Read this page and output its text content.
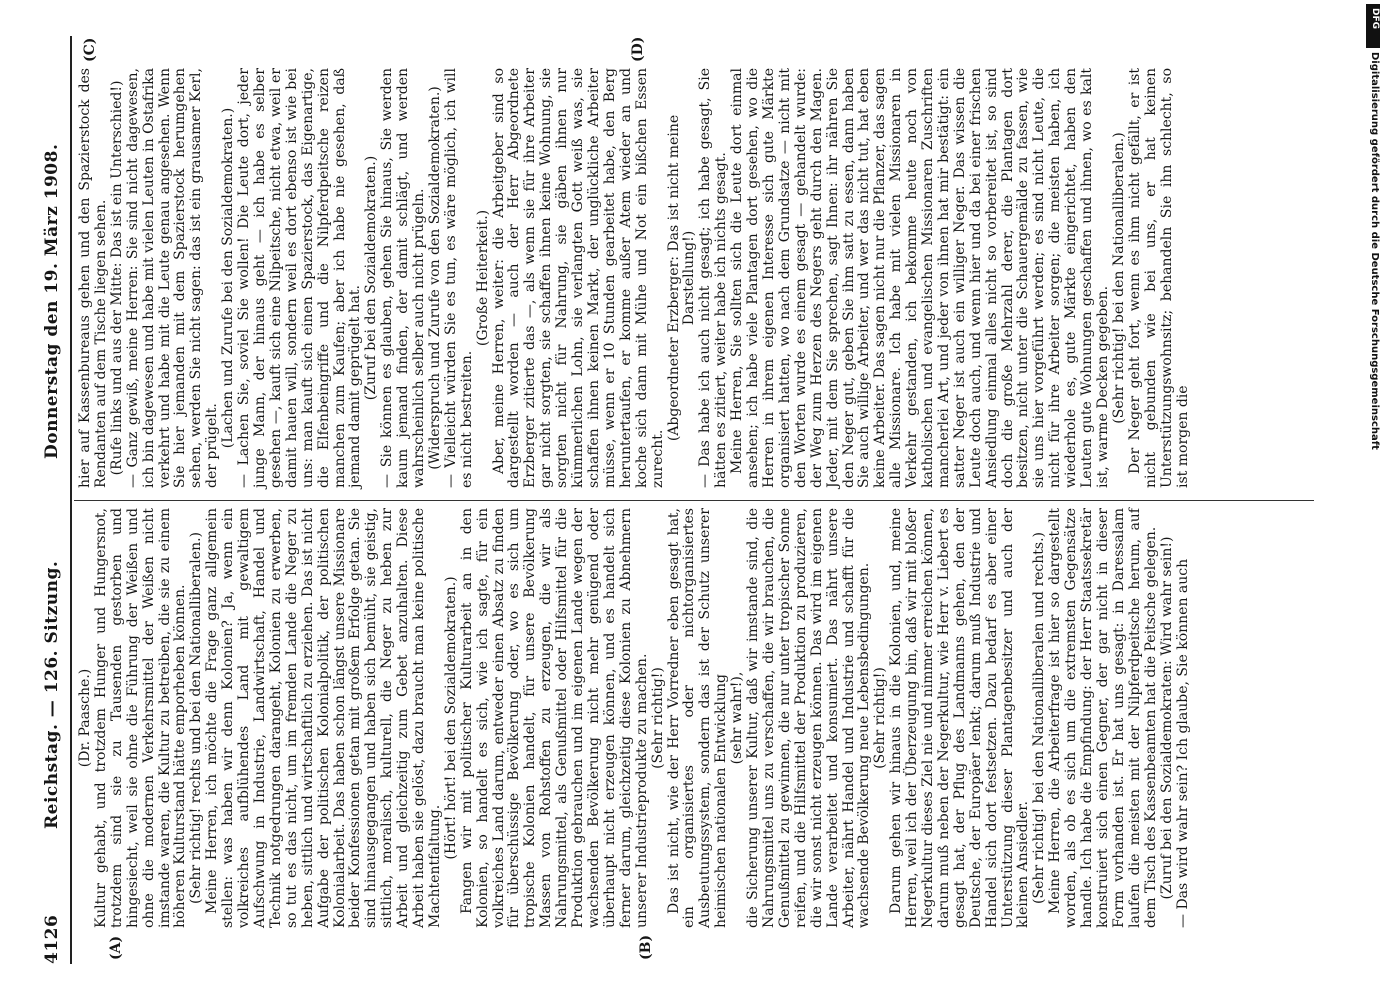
4126
Reichstag. — 126. Sitzung.
Donnerstag den 19. März 1908.
(A)	(B)
(C)	(D)

(Dr. Paasche.) Kultur gehabt, und trotzdem Hunger und Hungersnot, trotzdem sind sie zu Tausenden gestorben und hingesiecht, weil sie ohne die Führung der Weißen und ohne die modernen Verkehrsmittel der Weißen nicht imstande waren, die Kultur zu betreiben, die sie zu einem höheren Kulturstand hätte emporheben können. (Sehr richtig! rechts und bei den Nationalliberalen.) Meine Herren, ich möchte die Frage ganz allgemein stellen: was haben wir denn Kolonien? Ja, wenn ein volkreiches aufblühendes Land mit gewaltigem Aufschwung in Industrie, Landwirtschaft, Handel und Technik notgedrungen darangeht, Kolonien zu erwerben, so tut es das nicht, um im fremden Lande die Neger zu heben, sittlich und wirtschaftlich zu erziehen. Das ist nicht Aufgabe der politischen Kolonialpolitik, der politischen Kolonialarbeit. Das haben schon längst unsere Missionare beider Konfessionen getan mit großem Erfolge getan. Sie sind hinausgegangen und haben sich bemüht, sie geistig, sittlich, moralisch, kulturell, die Neger zu heben zur Arbeit und gleichzeitig zum Gebet anzuhalten. Diese Arbeit haben sie gelöst, dazu braucht man keine politische Machtentfaltung.

(Hört! hört! bei den Sozialdemokraten.) Fangen wir mit politischer Kulturarbeit an in den Kolonien, so handelt es sich, wie ich sagte, für ein volkreiches Land darum, entweder einen Absatz zu finden für überschüssige Bevölkerung oder, wo es sich um tropische Kolonien handelt, für unsere Bevölkerung Massen von Rohstoffen zu erzeugen, die wir als Nahrungsmittel, als Genußmittel oder Hilfsmittel für die Produktion gebrauchen und im eigenen Lande wegen der wachsenden Bevölkerung nicht mehr genügend oder überhaupt nicht erzeugen können, und es handelt sich ferner darum, gleichzeitig diese Kolonien zu Abnehmern unserer Industrieprodukte zu machen. (Sehr richtig!) Das ist nicht, wie der Herr Vorredner eben gesagt hat, ein organisiertes oder nichtorganisiertes Ausbeutungssystem, sondern das ist der Schutz unserer heimischen nationalen Entwicklung (sehr wahr!), die Sicherung unserer Kultur, daß wir imstande sind, die Nahrungsmittel uns zu verschaffen, die wir brauchen, die Genußmittel zu gewinnen, die nur unter tropischer Sonne reifen, und die Hilfsmittel der Produktion zu produzieren, die wir sonst nicht erzeugen können. Das wird im eigenen Lande verarbeitet und konsumiert. Das nährt unsere Arbeiter, nährt Handel und Industrie und schafft für die wachsende Bevölkerung neue Lebensbedingungen. (Sehr richtig!) Darum gehen wir hinaus in die Kolonien, und, meine Herren, weil ich der Überzeugung bin, daß wir mit bloßer Negerkultur dieses Ziel nie und nimmer erreichen können, darum muß neben der Negerkultur, wie Herr v. Liebert es gesagt hat, der Pflug des Landmanns gehen, den der Deutsche, der Europäer lenkt; darum muß Industrie und Handel sich dort festsetzen. Dazu bedarf es aber einer Unterstützung dieser Plantagenbesitzer und auch der kleinen Ansiedler. (Sehr richtig! bei den Nationalliberalen und rechts.) Meine Herren, die Arbeiterfrage ist hier so dargestellt worden, als ob es sich um die extremsten Gegensätze handle. Ich habe die Empfindung: der Herr Staatssekretär konstruiert sich einen Gegner, der gar nicht in dieser Form vorhanden ist. Er hat uns gesagt: in Daressalam laufen die meisten mit der Nilpferdpeitsche herum, auf dem Tisch des Kassenbeamten hat die Peitsche gelegen. (Zuruf bei den Sozialdemokraten: Wird wahr sein!) — Das wird wahr sein? Ich glaube, Sie können auch

hier auf Kassenbureaus gehen und den Spazierstock des Rendanten auf dem Tische liegen sehen. (Rufe links und aus der Mitte: Das ist ein Unterschied!) — Ganz gewiß, meine Herren: Sie sind nicht dagewesen, ich bin dagewesen und habe mit vielen Leuten in Ostafrika verkehrt und habe mit die Leute genau angesehen. Wenn Sie hier jemanden mit dem Spazierstock herumgehen sehen, werden Sie nicht sagen: das ist ein grausamer Kerl, der prügelt. (Lachen und Zurufe bei den Sozialdemokraten.) — Lachen Sie, soviel Sie wollen! Die Leute dort, jeder junge Mann, der hinaus geht — ich habe es selber gesehen —, kauft sich eine Nilpeitsche, nicht etwa, weil er damit hauen will, sondern weil es dort ebenso ist wie bei uns: man kauft sich einen Spazierstock, das Eigenartige, die Elfenbeingriffe und die Nilpferdpeitsche reizen manchen zum Kaufen; aber ich habe nie gesehen, daß jemand damit geprügelt hat. (Zuruf bei den Sozialdemokraten.) — Sie können es glauben, gehen Sie hinaus, Sie werden kaum jemand finden, der damit schlägt, und werden wahrscheinlich selber auch nicht prügeln. (Widerspruch und Zurufe von den Sozialdemokraten.) — Vielleicht würden Sie es tun, es wäre möglich, ich will es nicht bestreiten.

(Große Heiterkeit.) Aber, meine Herren, weiter: die Arbeitgeber sind so dargestellt worden — auch der Herr Abgeordnete Erzberger zitierte das —, als wenn sie für ihre Arbeiter gar nicht sorgten, sie schaffen ihnen keine Wohnung, sie sorgten nicht für Nahrung, sie gäben ihnen nur kümmerlichen Lohn, sie verlangten Gott weiß was, sie schaffen ihnen keinen Markt, der unglückliche Arbeiter müsse, wenn er 10 Stunden gearbeitet habe, den Berg heruntertaufen, er komme außer Atem wieder an und koche sich dann mit Mühe und Not ein bißchen Essen zurecht.

(Abgeordneter Erzberger: Das ist nicht meine Darstellung!) — Das habe ich auch nicht gesagt; ich habe gesagt, Sie hätten es zitiert, weiter habe ich nichts gesagt. Meine Herren, Sie sollten sich die Leute dort einmal ansehen; ich habe viele Plantagen dort gesehen, wo die Herren in ihrem eigenen Interesse sich gute Märkte organisiert hatten, wo nach dem Grundsatze — nicht mit den Worten wurde es einem gesagt — gehandelt wurde: der Weg zum Herzen des Negers geht durch den Magen. Jeder, mit dem Sie sprechen, sagt Ihnen: ihr nähren Sie den Neger gut, geben Sie ihm satt zu essen, dann haben Sie auch willige Arbeiter, und wer das nicht tut, hat eben keine Arbeiter. Das sagen nicht nur die Pflanzer, das sagen alle Missionare. Ich habe mit vielen Missionaren in Verkehr gestanden, ich bekomme heute noch von katholischen und evangelischen Missionaren Zuschriften mancherlei Art, und jeder von ihnen hat mir bestätigt: ein satter Neger ist auch ein williger Neger. Das wissen die Leute doch auch, und wenn hier und da bei einer frischen Ansiedlung einmal alles nicht so vorbereitet ist, so sind doch die große Mehrzahl derer, die Plantagen dort besitzen, nicht unter die Schauergemälde zu fassen, wie sie uns hier vorgeführt werden; es sind nicht Leute, die nicht für ihre Arbeiter sorgen; die meisten haben, ich wiederhole es, gute Märkte eingerichtet, haben den Leuten gute Wohnungen geschaffen und ihnen, wo es kalt ist, warme Decken gegeben. (Sehr richtig! bei den Nationalliberalen.) Der Neger geht fort, wenn es ihm nicht gefällt, er ist nicht gebunden wie bei uns, er hat keinen Unterstützungswohnsitz; behandeln Sie ihn schlecht, so ist morgen die

DFG
Digitalisierung gefördert durch die Deutsche Forschungsgemeinschaft
